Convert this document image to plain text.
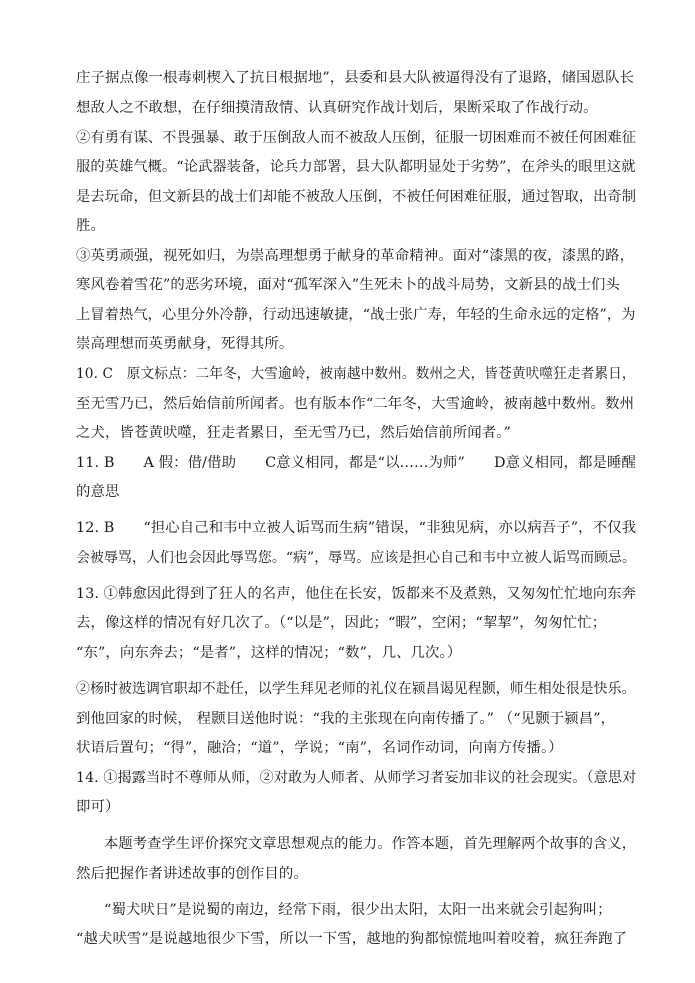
庄子据点像一根毒刺楔入了抗日根据地”，县委和县大队被逼得没有了退路，储国恩队长
想敌人之不敢想，在仔细摸清敌情、认真研究作战计划后，果断采取了作战行动。
②有勇有谋、不畏强暴、敢于压倒敌人而不被敌人压倒，征服一切困难而不被任何困难征
服的英雄气概。“论武器装备，论兵力部署，县大队都明显处于劣势”，在斧头的眼里这就
是去玩命，但文新县的战士们却能不被敌人压倒，不被任何困难征服，通过智取，出奇制
胜。
③英勇顽强，视死如归，为崇高理想勇于献身的革命精神。面对“漆黑的夜，漆黑的路，
寒风卷着雪花”的恶劣环境，面对“孤军深入”生死未卜的战斗局势，文新县的战士们头
上冒着热气，心里分外冷静，行动迅速敏捷，“战士张广寿，年轻的生命永远的定格”，为
崇高理想而英勇献身，死得其所。
10. C　原文标点：二年冬，大雪逾岭，被南越中数州。数州之犬，皆苍黄吠噬狂走者累日，
至无雪乃已，然后始信前所闻者。也有版本作“二年冬，大雪逾岭，被南越中数州。数州
之犬，皆苍黄吠噬，狂走者累日，至无雪乃已，然后始信前所闻者。”
11. B　　A 假：借/借助　　C意义相同，都是“以……为师”　　D意义相同，都是睡醒
的意思
12. B　　“担心自己和韦中立被人诟骂而生病”错误，“非独见病，亦以病吾子”，不仅我
会被辱骂，人们也会因此辱骂您。“病”，辱骂。应该是担心自己和韦中立被人诟骂而顾忌。
13. ①韩愈因此得到了狂人的名声，他住在长安，饭都来不及煮熟，又匆匆忙忙地向东奔
去，像这样的情况有好几次了。（“以是”，因此；“暇”，空闲；“挈挈”，匆匆忙忙；
“东”，向东奔去；“是者”，这样的情况；“数”，几、几次。）
②杨时被选调官职却不赴任，以学生拜见老师的礼仪在颍昌谒见程颢，师生相处很是快乐。
到他回家的时候， 程颢目送他时说：“我的主张现在向南传播了。” （“见颢于颍昌”，
状语后置句；“得”，融洽；“道”，学说；“南”，名词作动词，向南方传播。）
14. ①揭露当时不尊师从师，②对敢为人师者、从师学习者妄加非议的社会现实。（意思对
即可）
本题考查学生评价探究文章思想观点的能力。作答本题，首先理解两个故事的含义，
然后把握作者讲述故事的创作目的。
“蜀犬吠日”是说蜀的南边，经常下雨，很少出太阳，太阳一出来就会引起狗叫；
“越犬吠雪”是说越地很少下雪，所以一下雪，越地的狗都惊慌地叫着咬着，疯狂奔跑了
